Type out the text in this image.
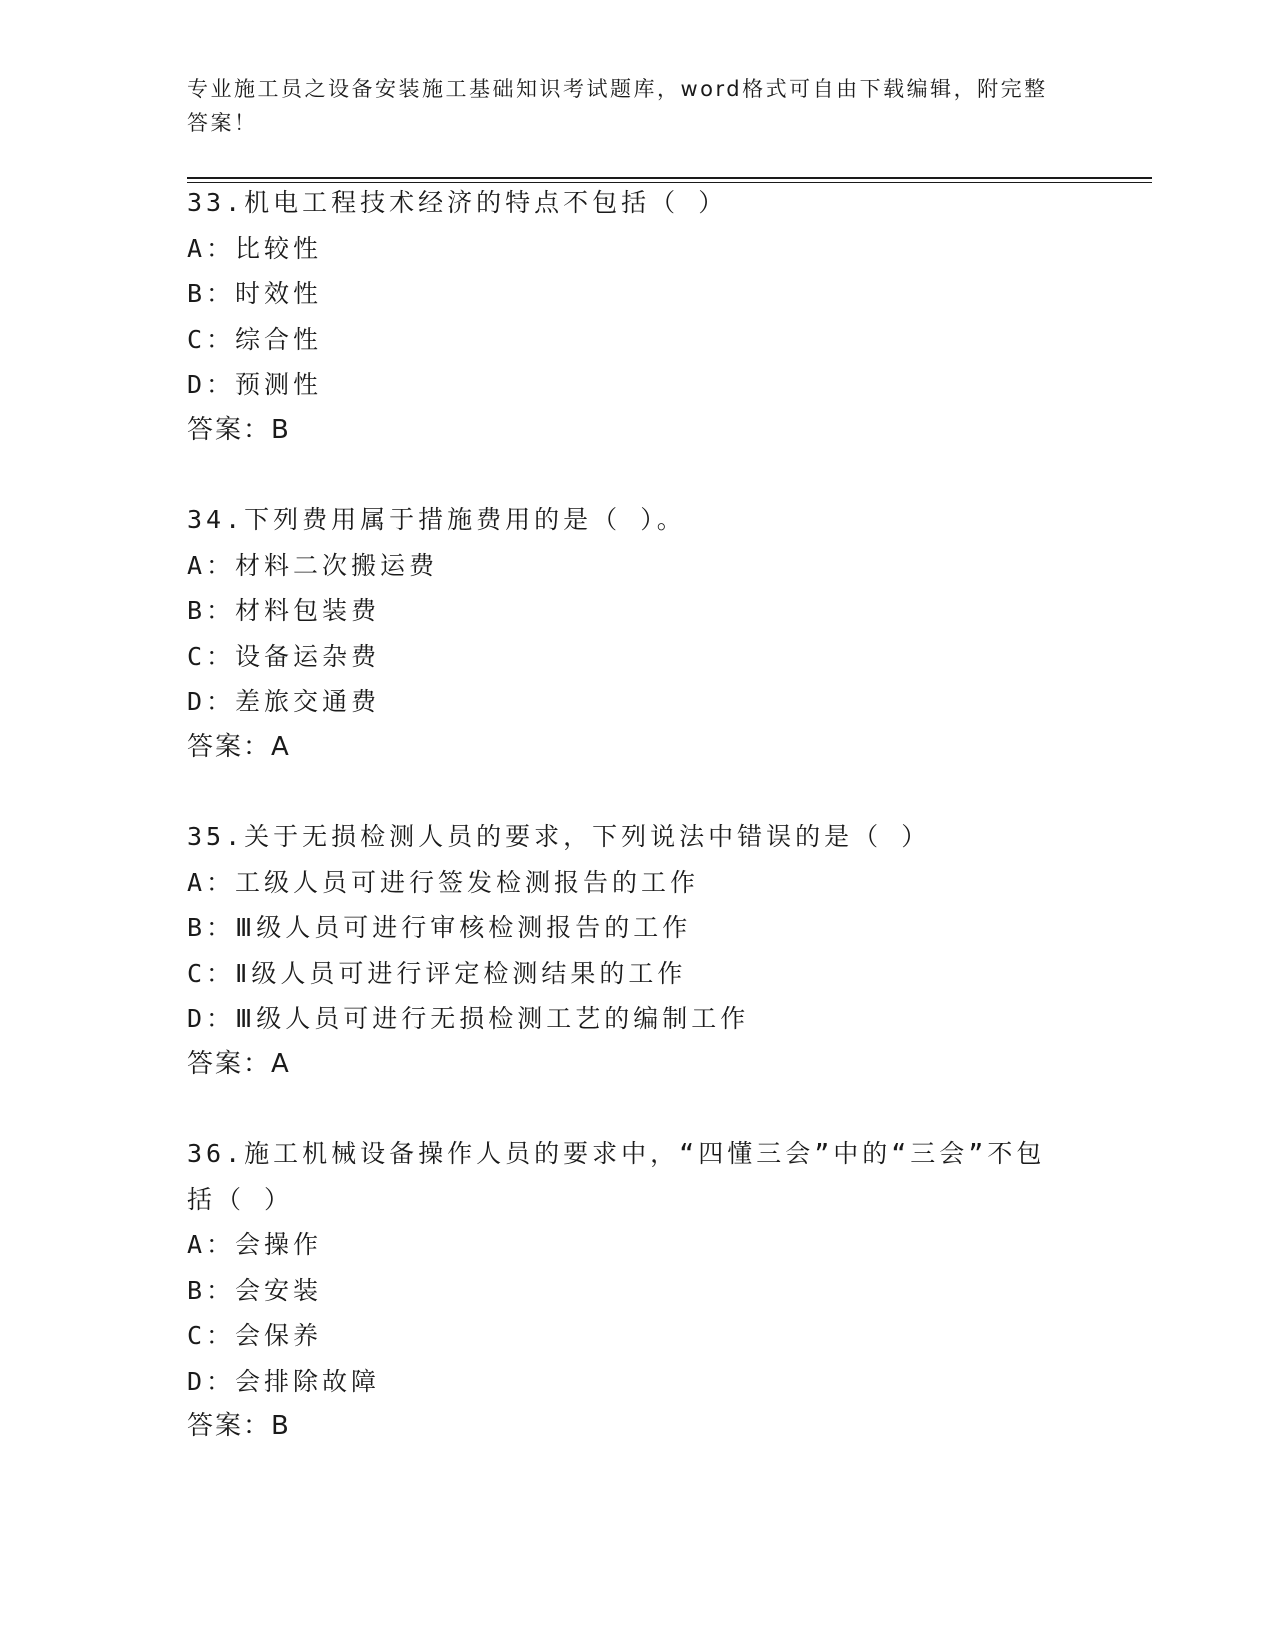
专业施工员之设备安装施工基础知识考试题库，word格式可自由下载编辑，附完整答案！
33.机电工程技术经济的特点不包括（ ）
A：比较性
B：时效性
C：综合性
D：预测性
答案：B
34.下列费用属于措施费用的是（ ）。
A：材料二次搬运费
B：材料包装费
C：设备运杂费
D：差旅交通费
答案：A
35.关于无损检测人员的要求，下列说法中错误的是（ ）
A：工级人员可进行签发检测报告的工作
B：Ⅲ级人员可进行审核检测报告的工作
C：Ⅱ级人员可进行评定检测结果的工作
D：Ⅲ级人员可进行无损检测工艺的编制工作
答案：A
36.施工机械设备操作人员的要求中，“四懂三会”中的“三会”不包括（ ）
A：会操作
B：会安装
C：会保养
D：会排除故障
答案：B
